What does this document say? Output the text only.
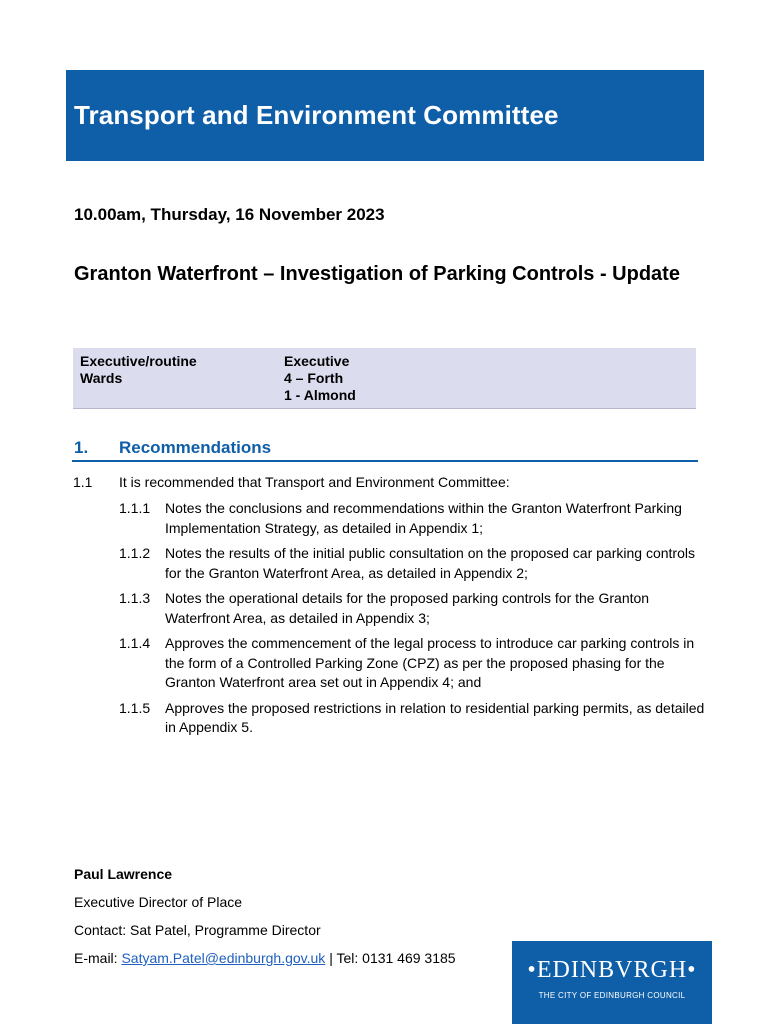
Transport and Environment Committee
10.00am, Thursday, 16 November 2023
Granton Waterfront – Investigation of Parking Controls - Update
Executive/routine
Wards
Executive
4 – Forth
1 - Almond
1. Recommendations
1.1 It is recommended that Transport and Environment Committee:
1.1.1 Notes the conclusions and recommendations within the Granton Waterfront Parking Implementation Strategy, as detailed in Appendix 1;
1.1.2 Notes the results of the initial public consultation on the proposed car parking controls for the Granton Waterfront Area, as detailed in Appendix 2;
1.1.3 Notes the operational details for the proposed parking controls for the Granton Waterfront Area, as detailed in Appendix 3;
1.1.4 Approves the commencement of the legal process to introduce car parking controls in the form of a Controlled Parking Zone (CPZ) as per the proposed phasing for the Granton Waterfront area set out in Appendix 4; and
1.1.5 Approves the proposed restrictions in relation to residential parking permits, as detailed in Appendix 5.
Paul Lawrence
Executive Director of Place
Contact: Sat Patel, Programme Director
E-mail: Satyam.Patel@edinburgh.gov.uk | Tel: 0131 469 3185	•EDINBVRGH•
THE CITY OF EDINBURGH COUNCIL
